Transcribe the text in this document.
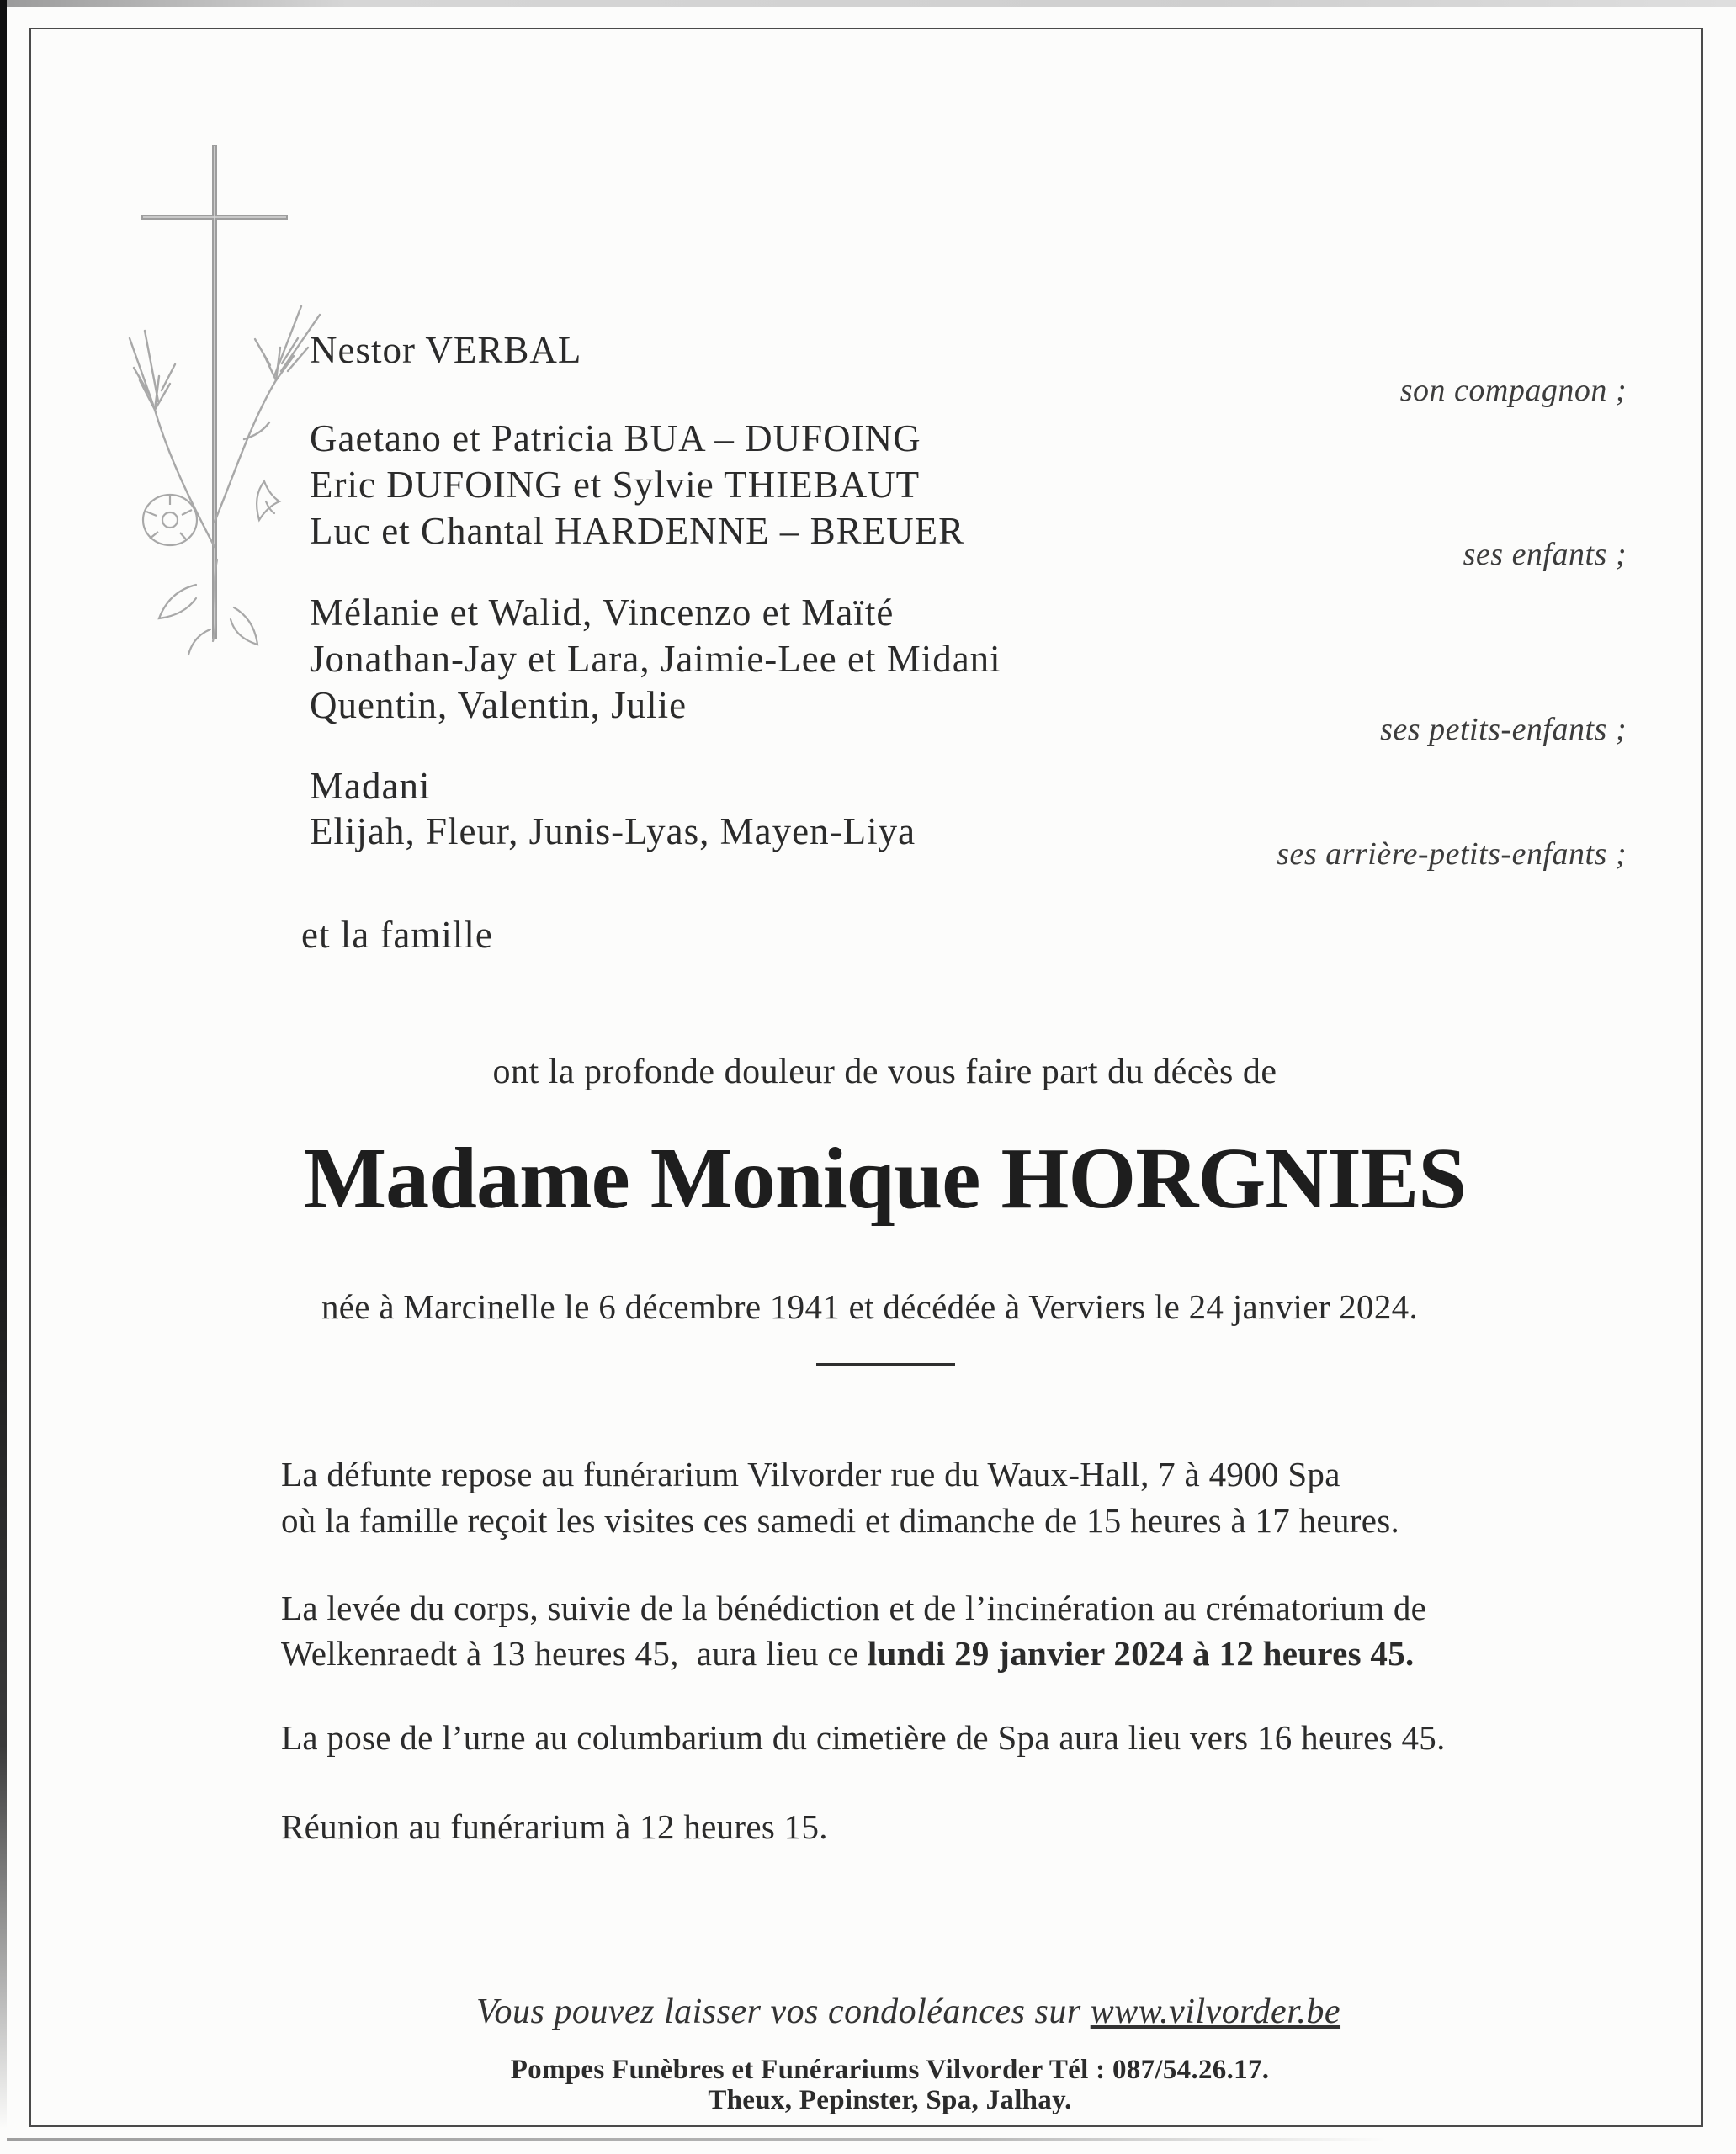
Nestor VERBAL
son compagnon ;
Gaetano et Patricia BUA – DUFOING
Eric DUFOING et Sylvie THIEBAUT
Luc et Chantal HARDENNE – BREUER
ses enfants ;
Mélanie et Walid, Vincenzo et Maïté
Jonathan-Jay et Lara, Jaimie-Lee et Midani
Quentin, Valentin, Julie
ses petits-enfants ;
Madani
Elijah, Fleur, Junis-Lyas, Mayen-Liya
ses arrière-petits-enfants ;
et la famille
ont la profonde douleur de vous faire part du décès de
Madame Monique HORGNIES
née à Marcinelle le 6 décembre 1941 et décédée à Verviers le 24 janvier 2024.
La défunte repose au funérarium Vilvorder rue du Waux-Hall, 7 à 4900 Spa
où la famille reçoit les visites ces samedi et dimanche de 15 heures à 17 heures.
La levée du corps, suivie de la bénédiction et de l’incinération au crématorium de
Welkenraedt à 13 heures 45,  aura lieu ce lundi 29 janvier 2024 à 12 heures 45.
La pose de l’urne au columbarium du cimetière de Spa aura lieu vers 16 heures 45.
Réunion au funérarium à 12 heures 15.
Vous pouvez laisser vos condoléances sur www.vilvorder.be
Pompes Funèbres et Funérariums Vilvorder Tél : 087/54.26.17.
Theux, Pepinster, Spa, Jalhay.
